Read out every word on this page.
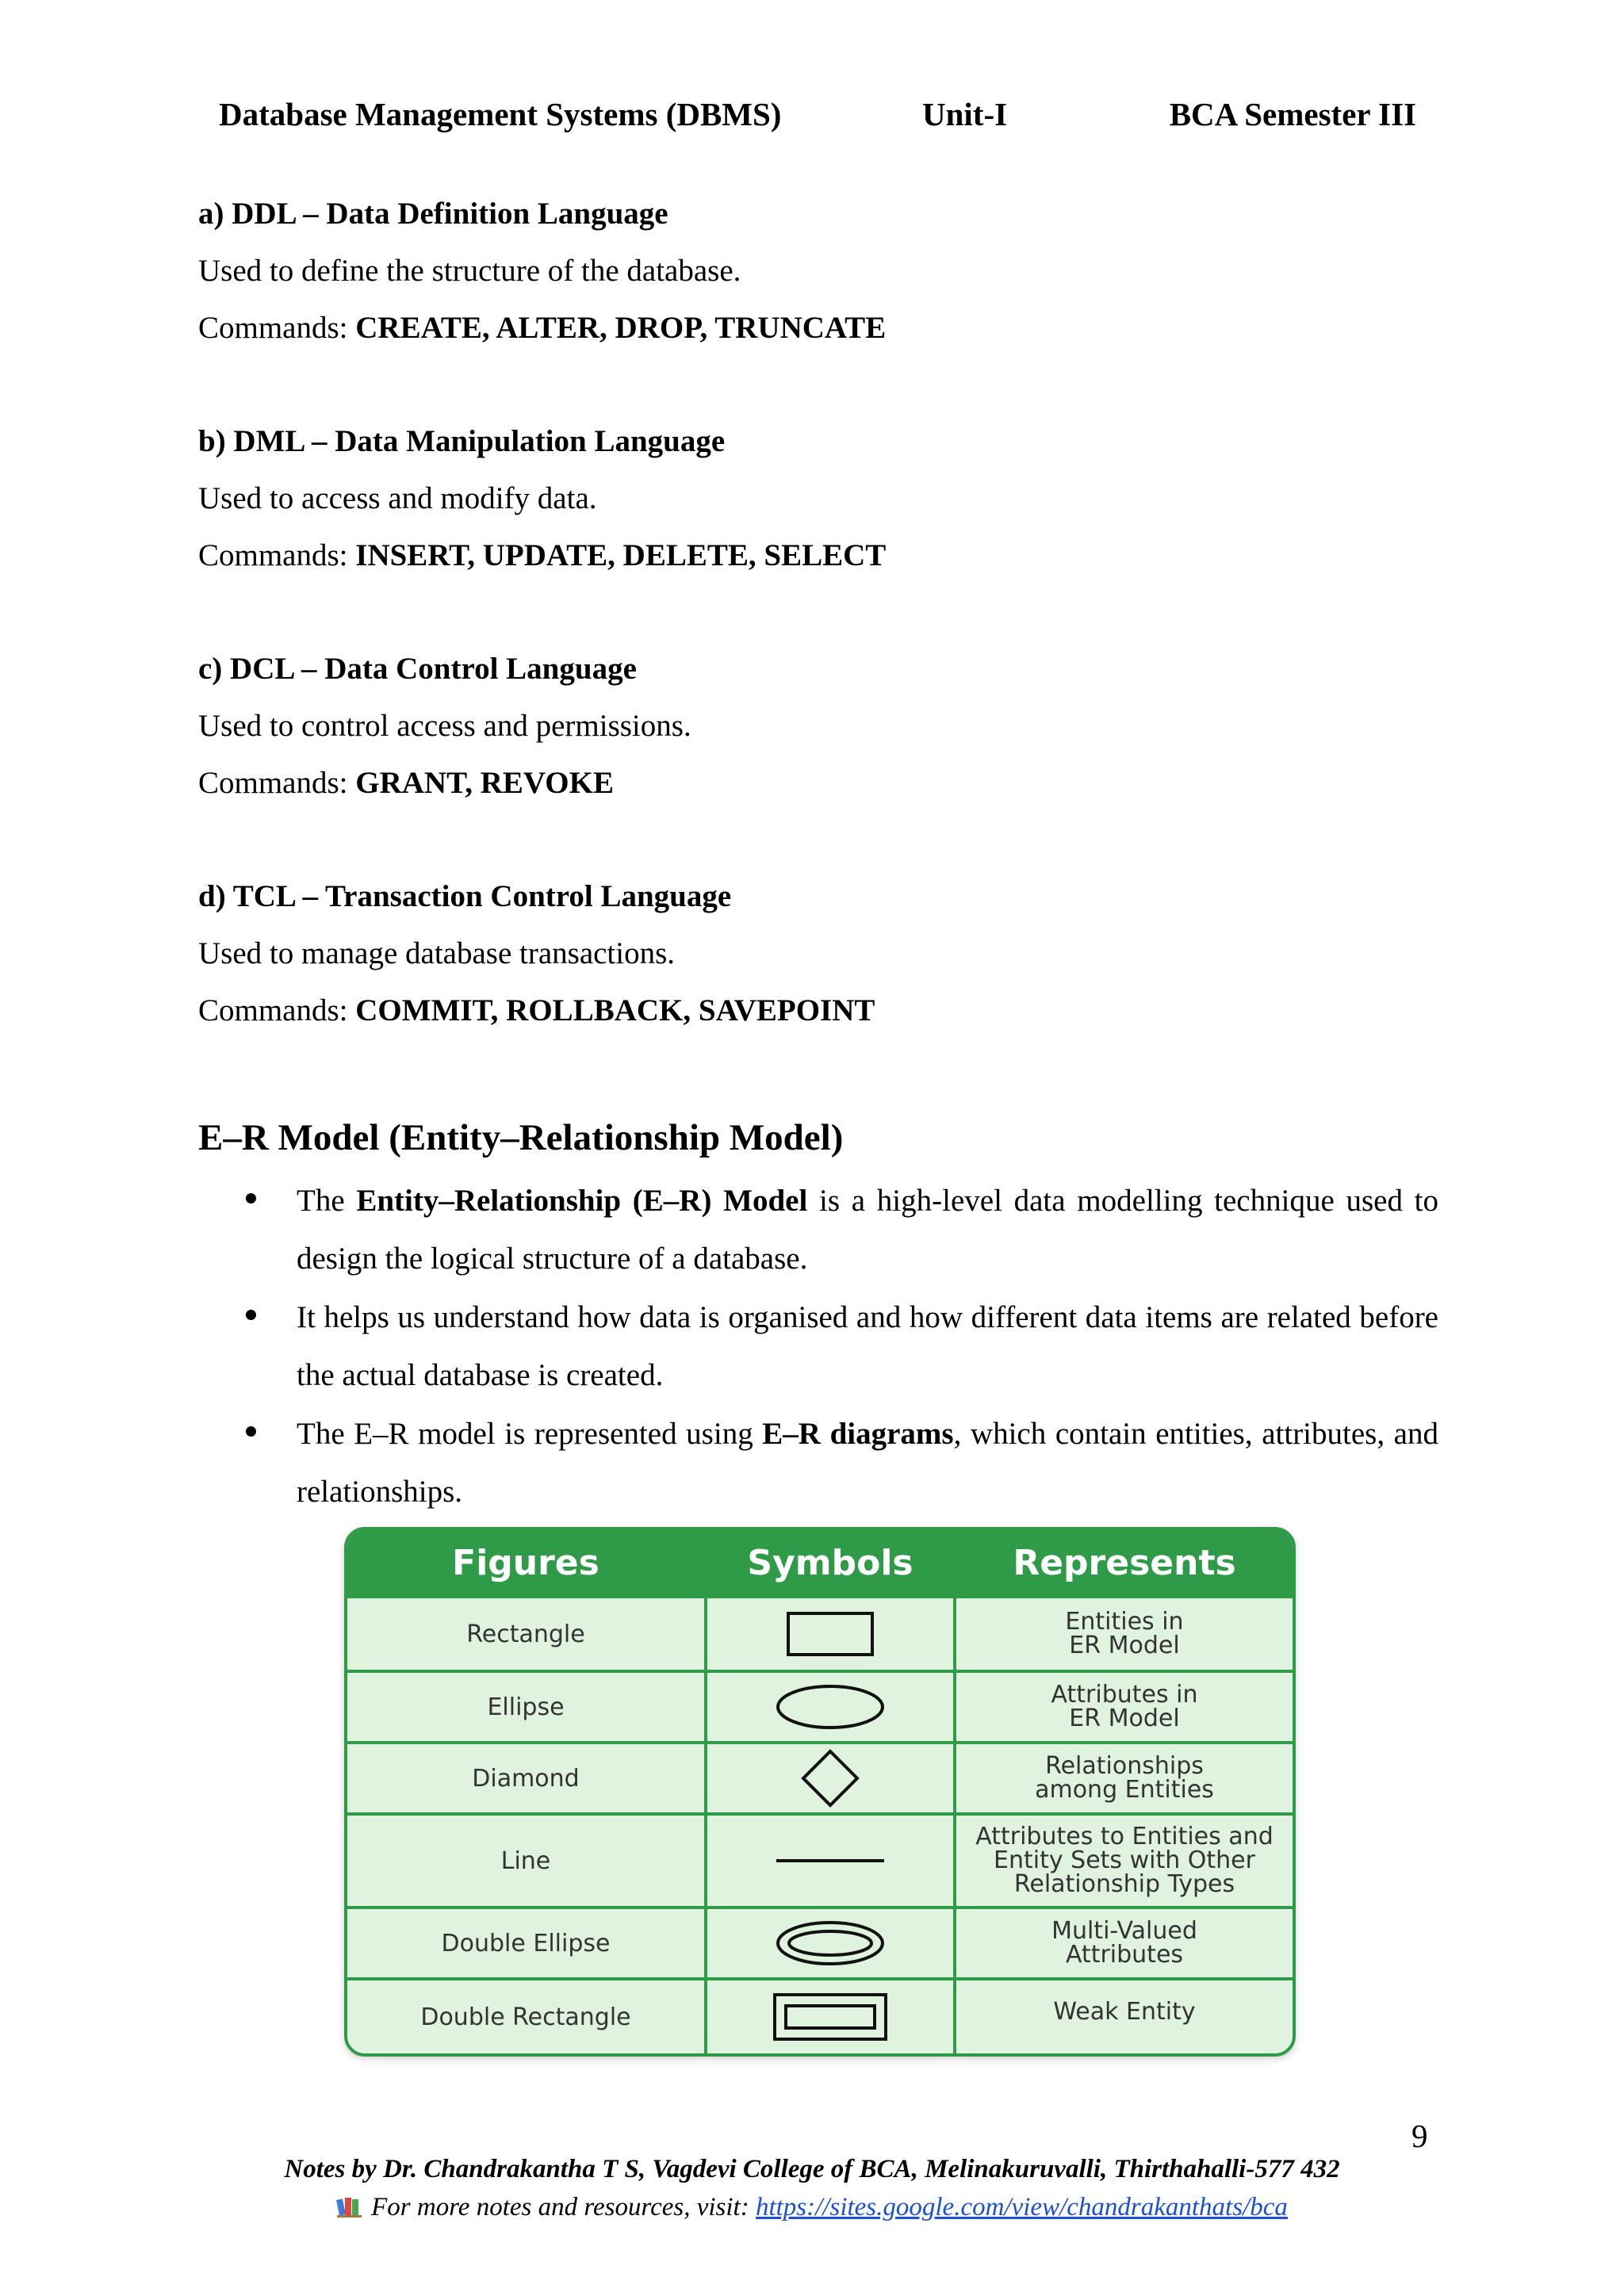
Database Management Systems (DBMS)	Unit-I	BCA Semester III
a) DDL – Data Definition Language
Used to define the structure of the database.
Commands: CREATE, ALTER, DROP, TRUNCATE
b) DML – Data Manipulation Language
Used to access and modify data.
Commands: INSERT, UPDATE, DELETE, SELECT
c) DCL – Data Control Language
Used to control access and permissions.
Commands: GRANT, REVOKE
d) TCL – Transaction Control Language
Used to manage database transactions.
Commands: COMMIT, ROLLBACK, SAVEPOINT
E–R Model (Entity–Relationship Model)
The Entity–Relationship (E–R) Model is a high-level data modelling technique used to design the logical structure of a database.
It helps us understand how data is organised and how different data items are related before the actual database is created.
The E–R model is represented using E–R diagrams, which contain entities, attributes, and relationships.
Figures	Symbols	Represents
Rectangle	Entities in
ER Model
Ellipse	Attributes in
ER Model
Diamond	Relationships
among Entities
Line
Attributes to Entities and
Entity Sets with Other
Relationship Types
Double Ellipse	Multi-Valued
Attributes
Double Rectangle	Weak Entity
9
Notes by Dr. Chandrakantha T S, Vagdevi College of BCA, Melinakuruvalli, Thirthahalli-577 432
For more notes and resources, visit: https://sites.google.com/view/chandrakanthats/bca
